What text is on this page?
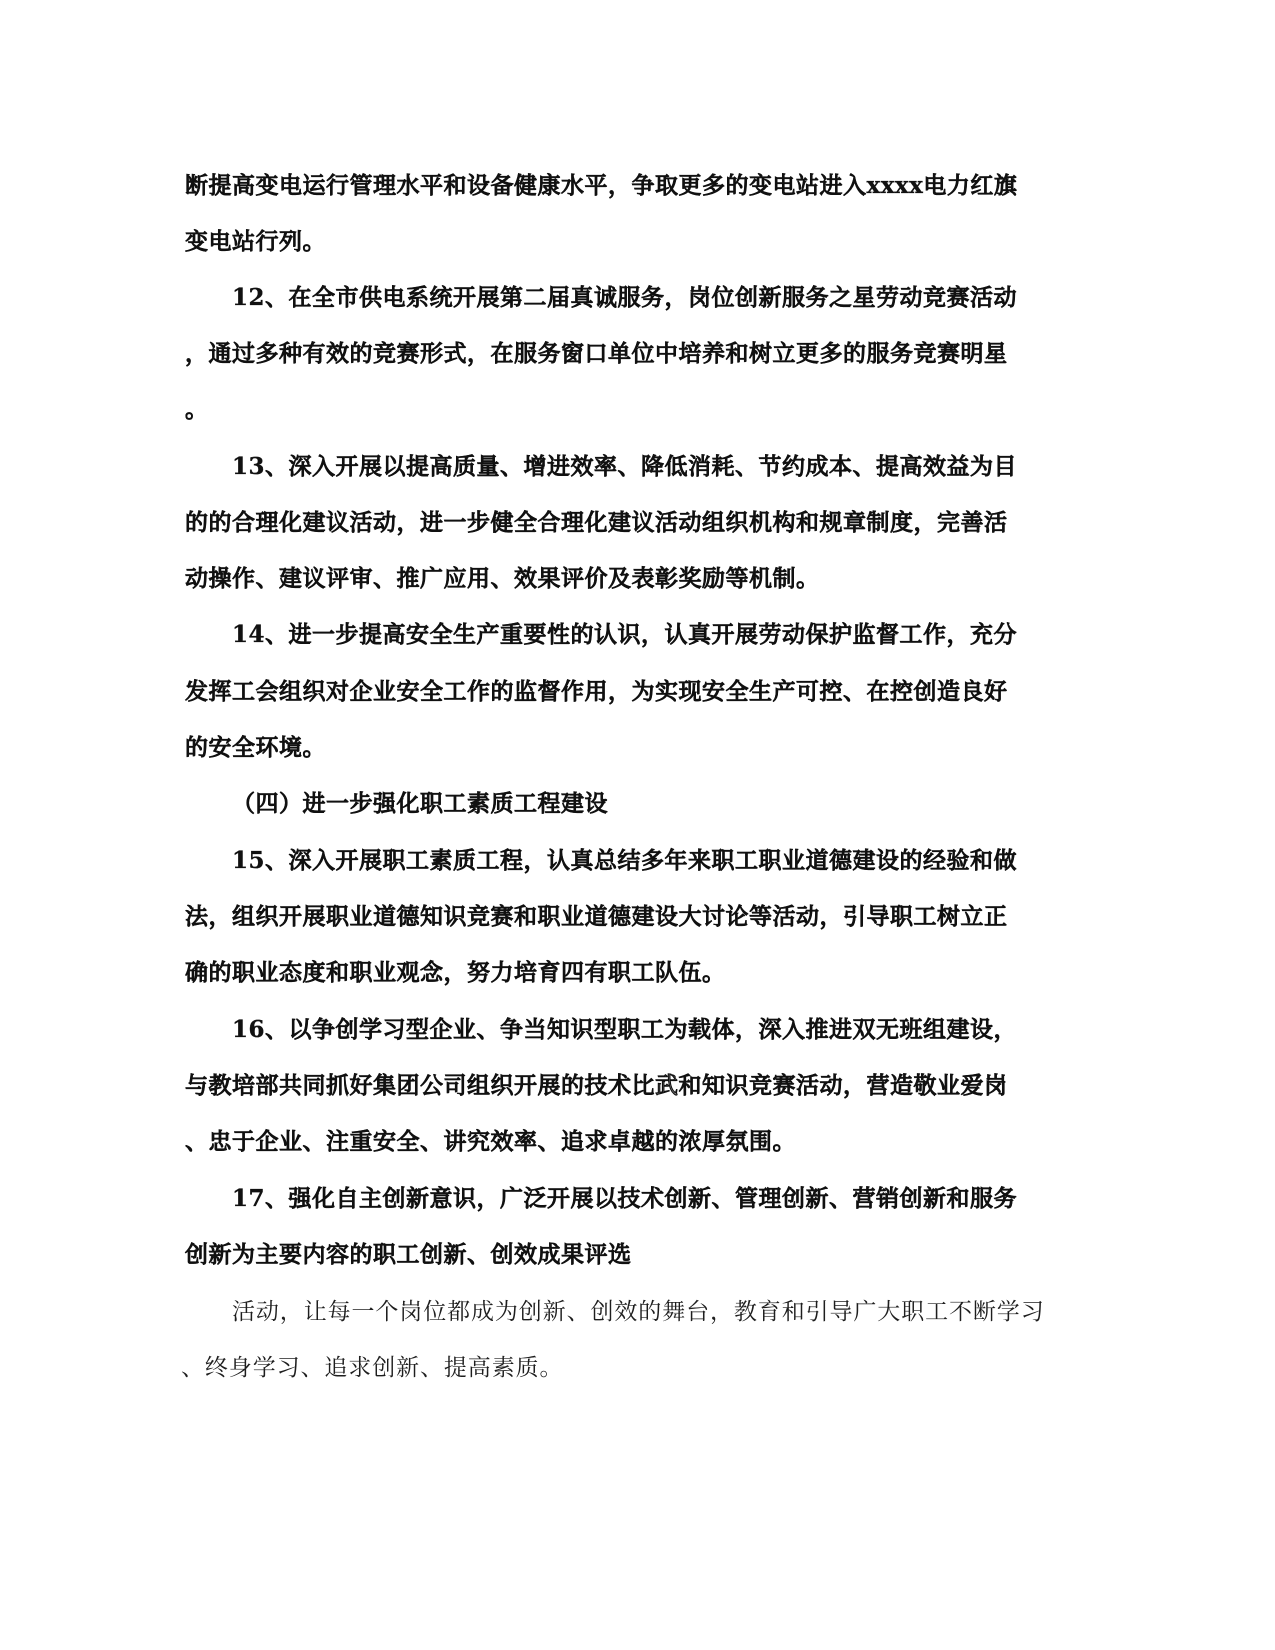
断提高变电运行管理水平和设备健康水平，争取更多的变电站进入xxxx电力红旗
变电站行列。
12、在全市供电系统开展第二届真诚服务，岗位创新服务之星劳动竞赛活动
，通过多种有效的竞赛形式，在服务窗口单位中培养和树立更多的服务竞赛明星
。
13、深入开展以提高质量、增进效率、降低消耗、节约成本、提高效益为目
的的合理化建议活动，进一步健全合理化建议活动组织机构和规章制度，完善活
动操作、建议评审、推广应用、效果评价及表彰奖励等机制。
14、进一步提高安全生产重要性的认识，认真开展劳动保护监督工作，充分
发挥工会组织对企业安全工作的监督作用，为实现安全生产可控、在控创造良好
的安全环境。
（四）进一步强化职工素质工程建设
15、深入开展职工素质工程，认真总结多年来职工职业道德建设的经验和做
法，组织开展职业道德知识竞赛和职业道德建设大讨论等活动，引导职工树立正
确的职业态度和职业观念，努力培育四有职工队伍。
16、以争创学习型企业、争当知识型职工为载体，深入推进双无班组建设，
与教培部共同抓好集团公司组织开展的技术比武和知识竞赛活动，营造敬业爱岗
、忠于企业、注重安全、讲究效率、追求卓越的浓厚氛围。
17、强化自主创新意识，广泛开展以技术创新、管理创新、营销创新和服务
创新为主要内容的职工创新、创效成果评选
活动，让每一个岗位都成为创新、创效的舞台，教育和引导广大职工不断学习
、终身学习、追求创新、提高素质。
